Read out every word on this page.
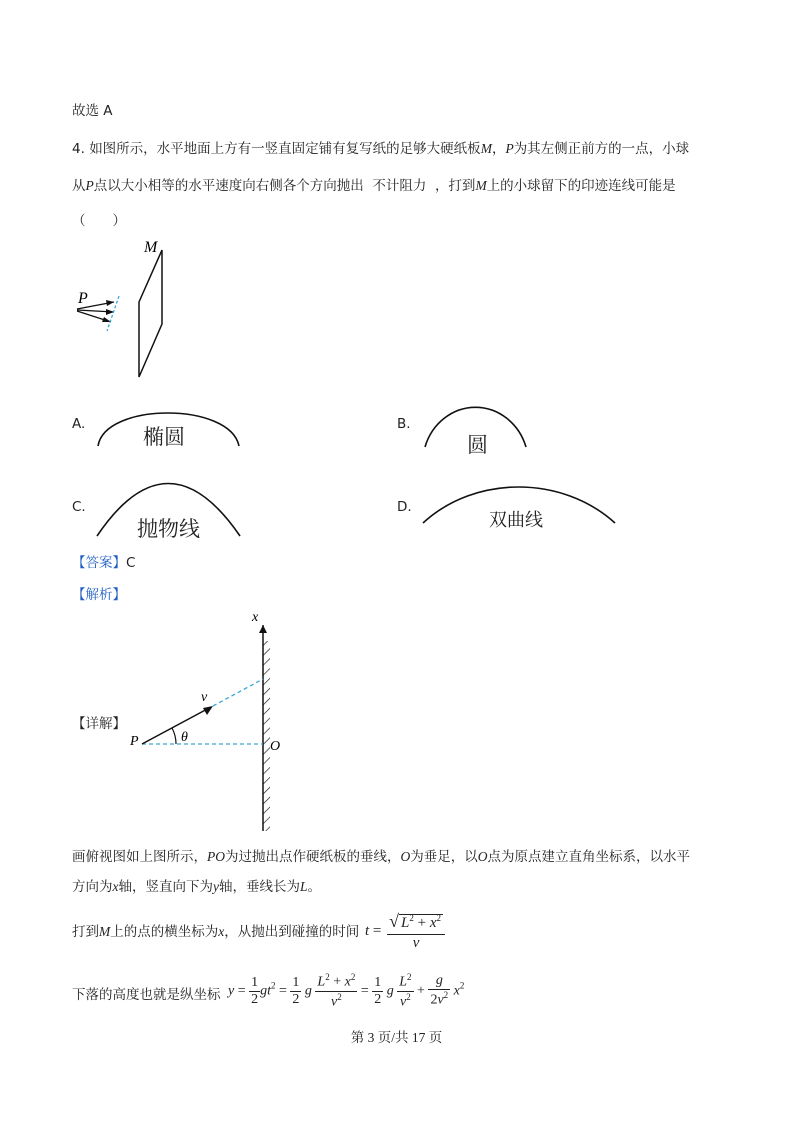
故选 A
4. 如图所示，水平地面上方有一竖直固定铺有复写纸的足够大硬纸板M，P为其左侧正前方的一点，小球
从P点以大小相等的水平速度向右侧各个方向抛出 不计阻力 ，打到M上的小球留下的印迹连线可能是
（　　）
M
P
A.
椭圆
B.
圆
C.
抛物线
D.
双曲线
【答案】C
【解析】
【详解】
x
v
P	θ
O
画俯视图如上图所示，PO为过抛出点作硬纸板的垂线，O为垂足，以O点为原点建立直角坐标系，以水平
方向为x轴，竖直向下为y轴，垂线长为L。
打到M上的点的横坐标为x，从抛出到碰撞的时间 $t = \frac{√ L^2 + x^2}{v}$
下落的高度也就是纵坐标 $y = \frac{1}{2} gt^2 = \frac{1}{2}$ g $\frac{L^2 + x^2}{v^2} = \frac{1}{2}$ g $\frac{L^2}{v^2} + \frac{g}{2v^2} x^2$
第 3 页/共 17 页
